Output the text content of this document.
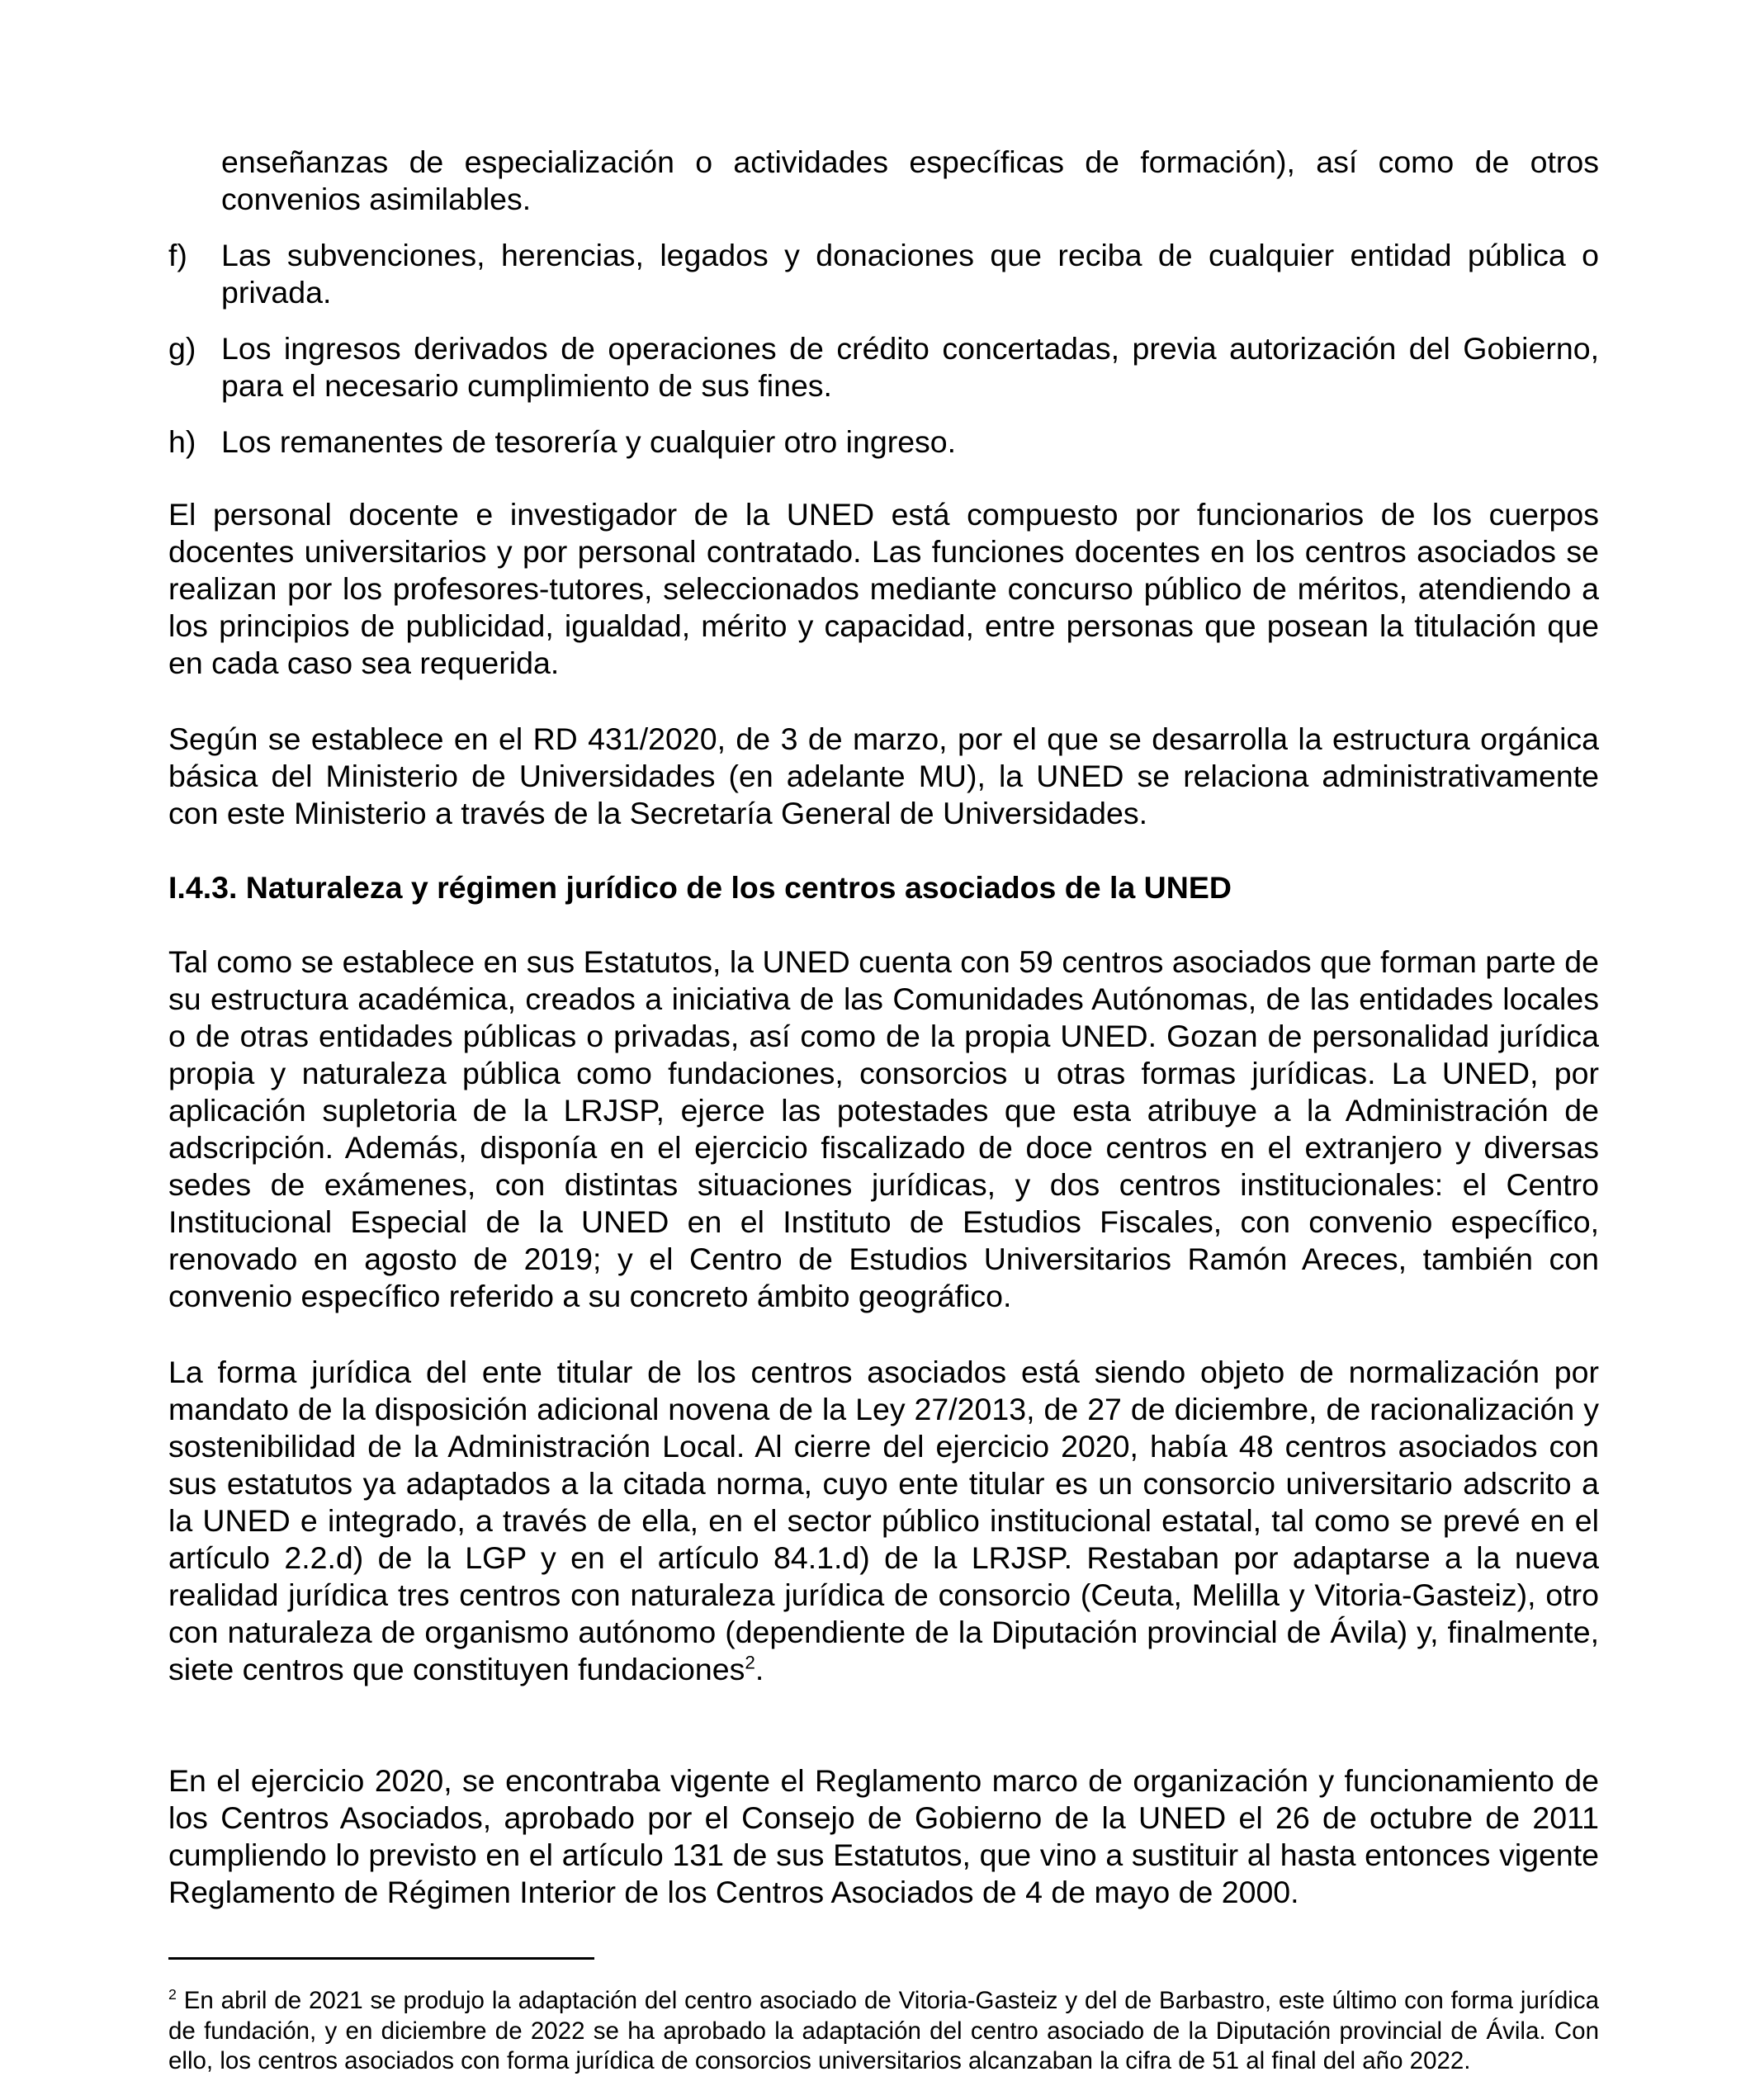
enseñanzas de especialización o actividades específicas de formación), así como de otros convenios asimilables.

f) Las subvenciones, herencias, legados y donaciones que reciba de cualquier entidad pública o privada.
g) Los ingresos derivados de operaciones de crédito concertadas, previa autorización del Gobierno, para el necesario cumplimiento de sus fines.
h) Los remanentes de tesorería y cualquier otro ingreso.

El personal docente e investigador de la UNED está compuesto por funcionarios de los cuerpos docentes universitarios y por personal contratado. Las funciones docentes en los centros asociados se realizan por los profesores-tutores, seleccionados mediante concurso público de méritos, atendiendo a los principios de publicidad, igualdad, mérito y capacidad, entre personas que posean la titulación que en cada caso sea requerida.

Según se establece en el RD 431/2020, de 3 de marzo, por el que se desarrolla la estructura orgánica básica del Ministerio de Universidades (en adelante MU), la UNED se relaciona administrativamente con este Ministerio a través de la Secretaría General de Universidades.

I.4.3. Naturaleza y régimen jurídico de los centros asociados de la UNED

Tal como se establece en sus Estatutos, la UNED cuenta con 59 centros asociados que forman parte de su estructura académica, creados a iniciativa de las Comunidades Autónomas, de las entidades locales o de otras entidades públicas o privadas, así como de la propia UNED. Gozan de personalidad jurídica propia y naturaleza pública como fundaciones, consorcios u otras formas jurídicas. La UNED, por aplicación supletoria de la LRJSP, ejerce las potestades que esta atribuye a la Administración de adscripción. Además, disponía en el ejercicio fiscalizado de doce centros en el extranjero y diversas sedes de exámenes, con distintas situaciones jurídicas, y dos centros institucionales: el Centro Institucional Especial de la UNED en el Instituto de Estudios Fiscales, con convenio específico, renovado en agosto de 2019; y el Centro de Estudios Universitarios Ramón Areces, también con convenio específico referido a su concreto ámbito geográfico.

La forma jurídica del ente titular de los centros asociados está siendo objeto de normalización por mandato de la disposición adicional novena de la Ley 27/2013, de 27 de diciembre, de racionalización y sostenibilidad de la Administración Local. Al cierre del ejercicio 2020, había 48 centros asociados con sus estatutos ya adaptados a la citada norma, cuyo ente titular es un consorcio universitario adscrito a la UNED e integrado, a través de ella, en el sector público institucional estatal, tal como se prevé en el artículo 2.2.d) de la LGP y en el artículo 84.1.d) de la LRJSP. Restaban por adaptarse a la nueva realidad jurídica tres centros con naturaleza jurídica de consorcio (Ceuta, Melilla y Vitoria-Gasteiz), otro con naturaleza de organismo autónomo (dependiente de la Diputación provincial de Ávila) y, finalmente, siete centros que constituyen fundaciones$^2$.

En el ejercicio 2020, se encontraba vigente el Reglamento marco de organización y funcionamiento de los Centros Asociados, aprobado por el Consejo de Gobierno de la UNED el 26 de octubre de 2011 cumpliendo lo previsto en el artículo 131 de sus Estatutos, que vino a sustituir al hasta entonces vigente Reglamento de Régimen Interior de los Centros Asociados de 4 de mayo de 2000.

$^2$ En abril de 2021 se produjo la adaptación del centro asociado de Vitoria-Gasteiz y del de Barbastro, este último con forma jurídica de fundación, y en diciembre de 2022 se ha aprobado la adaptación del centro asociado de la Diputación provincial de Ávila. Con ello, los centros asociados con forma jurídica de consorcios universitarios alcanzaban la cifra de 51 al final del año 2022.
